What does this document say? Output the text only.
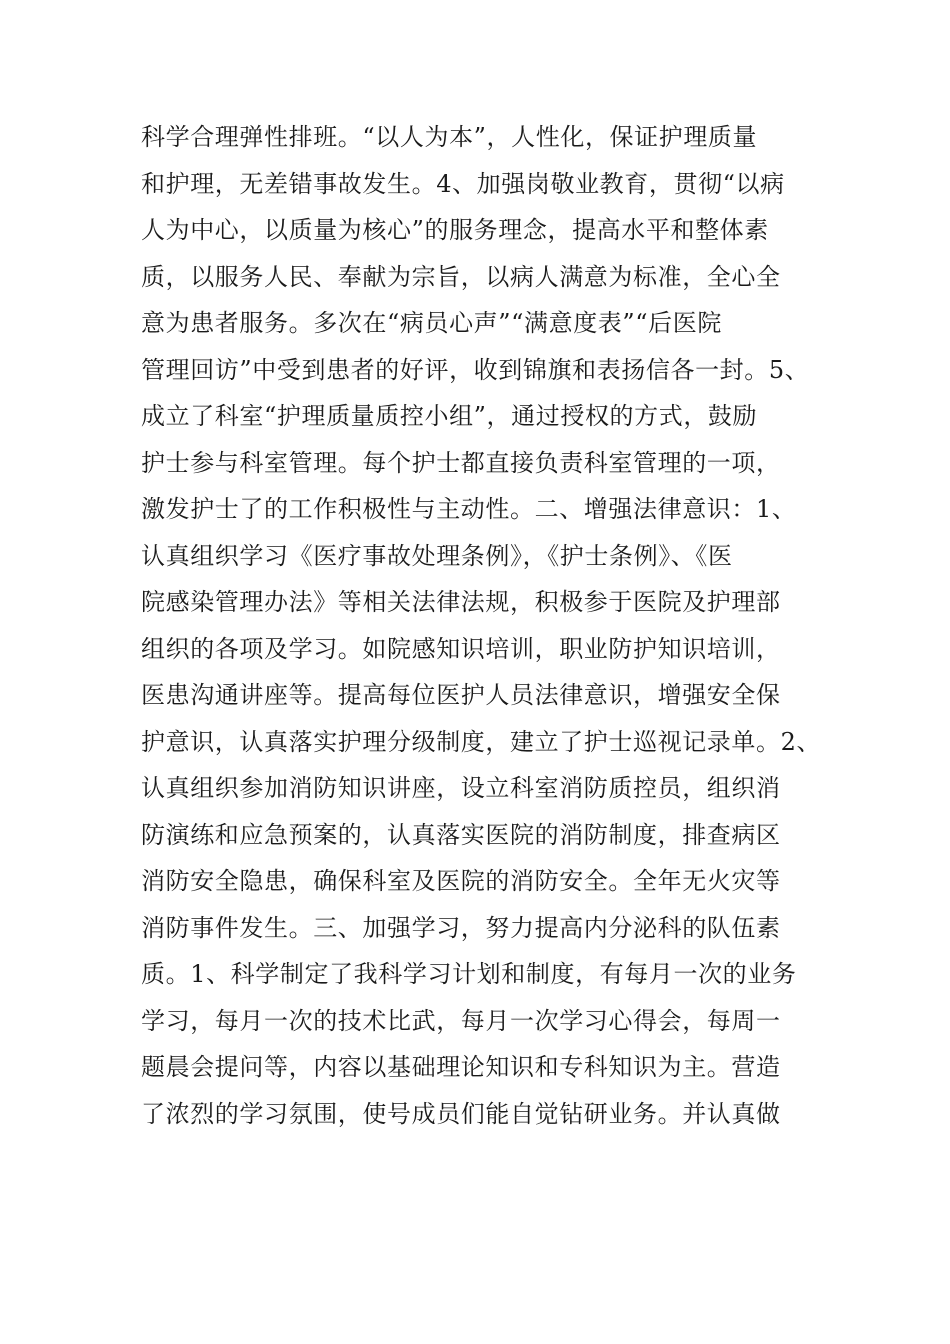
科学合理弹性排班。“以人为本”，人性化，保证护理质量
和护理，无差错事故发生。4、加强岗敬业教育，贯彻“以病
人为中心，以质量为核心”的服务理念，提高水平和整体素
质，以服务人民、奉献为宗旨，以病人满意为标准，全心全
意为患者服务。多次在“病员心声”“满意度表”“后医院
管理回访”中受到患者的好评，收到锦旗和表扬信各一封。5、
成立了科室“护理质量质控小组”，通过授权的方式，鼓励
护士参与科室管理。每个护士都直接负责科室管理的一项，
激发护士了的工作积极性与主动性。二、增强法律意识：1、
认真组织学习《医疗事故处理条例》，《护士条例》、《医
院感染管理办法》等相关法律法规，积极参于医院及护理部
组织的各项及学习。如院感知识培训，职业防护知识培训，
医患沟通讲座等。提高每位医护人员法律意识，增强安全保
护意识，认真落实护理分级制度，建立了护士巡视记录单。2、
认真组织参加消防知识讲座，设立科室消防质控员，组织消
防演练和应急预案的，认真落实医院的消防制度，排查病区
消防安全隐患，确保科室及医院的消防安全。全年无火灾等
消防事件发生。三、加强学习，努力提高内分泌科的队伍素
质。1、科学制定了我科学习计划和制度，有每月一次的业务
学习，每月一次的技术比武，每月一次学习心得会，每周一
题晨会提问等，内容以基础理论知识和专科知识为主。营造
了浓烈的学习氛围，使号成员们能自觉钻研业务。并认真做
